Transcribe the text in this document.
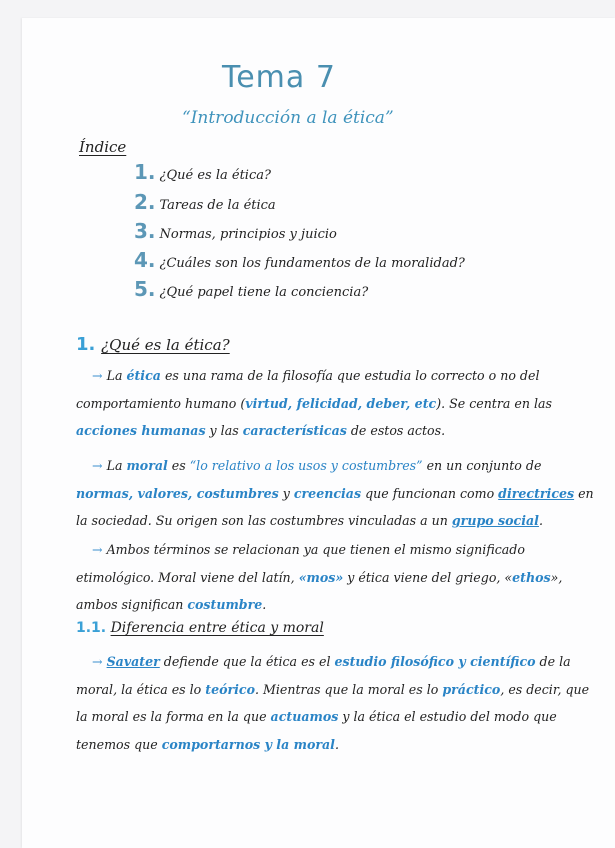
Tema 7
“Introducción a la ética”
Índice
1. ¿Qué es la ética?
2. Tareas de la ética
3. Normas, principios y juicio
4. ¿Cuáles son los fundamentos de la moralidad?
5. ¿Qué papel tiene la conciencia?
1. ¿Qué es la ética?
→ La ética es una rama de la filosofía que estudia lo correcto o no del comportamiento humano (virtud, felicidad, deber, etc). Se centra en las acciones humanas y las características de estos actos.
→ La moral es “lo relativo a los usos y costumbres” en un conjunto de normas, valores, costumbres y creencias que funcionan como directrices en la sociedad. Su origen son las costumbres vinculadas a un grupo social.
→ Ambos términos se relacionan ya que tienen el mismo significado etimológico. Moral viene del latín, «mos» y ética viene del griego, «ethos», ambos significan costumbre.
1.1. Diferencia entre ética y moral
→ Savater defiende que la ética es el estudio filosófico y científico de la moral, la ética es lo teórico. Mientras que la moral es lo práctico, es decir, que la moral es la forma en la que actuamos y la ética el estudio del modo que tenemos que comportarnos y la moral.
